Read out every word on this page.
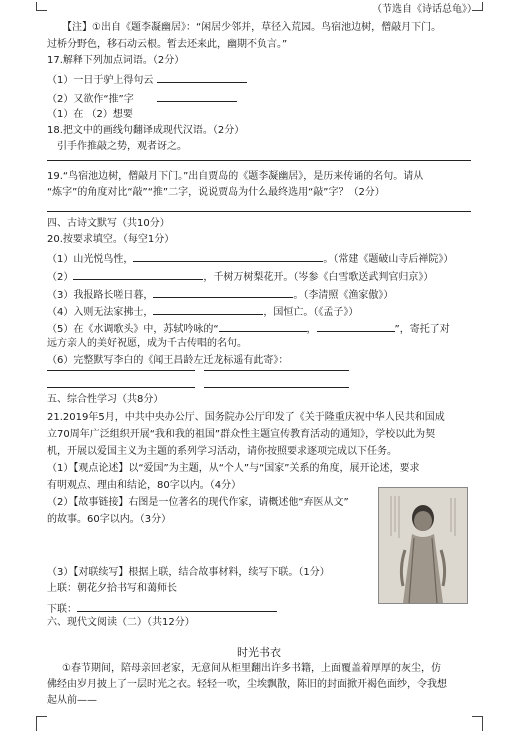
（节选自《诗话总龟》）
【注】①出自《题李凝幽居》：“闲居少邻并，草径入荒园。鸟宿池边树，僧敲月下门。
过桥分野色，移石动云根。暂去还来此，幽期不负言。”
17.解释下列加点词语。（2分）
（1）一日于驴上得句云
（2）又欲作“推”字
（1）在 （2）想要
18.把文中的画线句翻译成现代汉语。（2分）
引手作推敲之势，观者讶之。
19.“鸟宿池边树，僧敲月下门。”出自贾岛的《题李凝幽居》，是历来传诵的名句。请从
“炼字”的角度对比“敲”“推”二字，说说贾岛为什么最终选用“敲”字？（2分）
四、古诗文默写（共10分）
20.按要求填空。（每空1分）
（1）山光悦鸟性，	。（常建《题破山寺后禅院》）
（2）	，千树万树梨花开。（岑参《白雪歌送武判官归京》）
（3）我报路长嗟日暮，	。（李清照《渔家傲》）
（4）入则无法家拂士，	，国恒亡。（《孟子》）
（5）在《水调歌头》中，苏轼吟咏的“	，	”，寄托了对
远方亲人的美好祝愿，成为千古传唱的名句。
（6）完整默写李白的《闻王昌龄左迁龙标遥有此寄》：
五、综合性学习（共8分）
21.2019年5月，中共中央办公厅、国务院办公厅印发了《关于隆重庆祝中华人民共和国成
立70周年广泛组织开展“我和我的祖国”群众性主题宣传教育活动的通知》，学校以此为契
机，开展以爱国主义为主题的系列学习活动，请你按照要求逐项完成以下任务。
（1）【观点论述】以“爱国”为主题，从“个人”与“国家”关系的角度，展开论述，要求
有明观点、理由和结论，80字以内。（4分）
（2）【故事链接】右图是一位著名的现代作家，请概述他“弃医从文”
的故事。60字以内。（3分）
（3）【对联续写】根据上联，结合故事材料，续写下联。（1分）
上联：朝花夕拾书写和蔼师长
下联：
六、现代文阅读（二）（共12分）
时光书衣
①春节期间，陪母亲回老家，无意间从柜里翻出许多书籍，上面覆盖着厚厚的灰尘，仿
佛经由岁月披上了一层时光之衣。轻轻一吹，尘埃飘散，陈旧的封面掀开褐色面纱，令我想
起从前——
